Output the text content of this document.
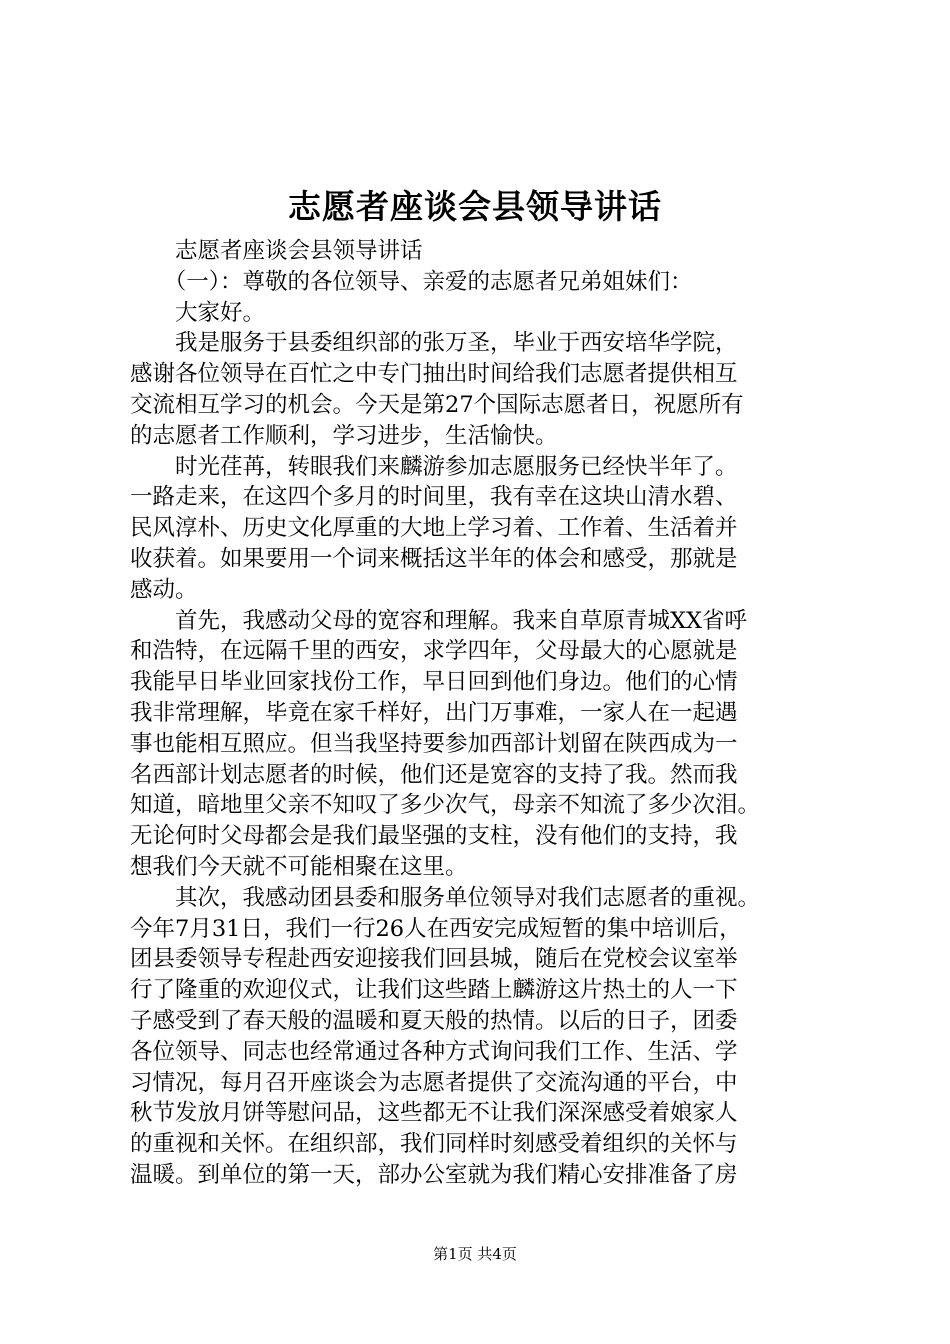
志愿者座谈会县领导讲话
　　志愿者座谈会县领导讲话
　　（一）：尊敬的各位领导、亲爱的志愿者兄弟姐妹们：
　　大家好。
　　我是服务于县委组织部的张万圣，毕业于西安培华学院，
感谢各位领导在百忙之中专门抽出时间给我们志愿者提供相互
交流相互学习的机会。今天是第27个国际志愿者日，祝愿所有
的志愿者工作顺利，学习进步，生活愉快。
　　时光荏苒，转眼我们来麟游参加志愿服务已经快半年了。
一路走来，在这四个多月的时间里，我有幸在这块山清水碧、
民风淳朴、历史文化厚重的大地上学习着、工作着、生活着并
收获着。如果要用一个词来概括这半年的体会和感受，那就是
感动。
　　首先，我感动父母的宽容和理解。我来自草原青城XX省呼
和浩特，在远隔千里的西安，求学四年，父母最大的心愿就是
我能早日毕业回家找份工作，早日回到他们身边。他们的心情
我非常理解，毕竟在家千样好，出门万事难，一家人在一起遇
事也能相互照应。但当我坚持要参加西部计划留在陕西成为一
名西部计划志愿者的时候，他们还是宽容的支持了我。然而我
知道，暗地里父亲不知叹了多少次气，母亲不知流了多少次泪。
无论何时父母都会是我们最坚强的支柱，没有他们的支持，我
想我们今天就不可能相聚在这里。
　　其次，我感动团县委和服务单位领导对我们志愿者的重视。
今年7月31日，我们一行26人在西安完成短暂的集中培训后，
团县委领导专程赴西安迎接我们回县城，随后在党校会议室举
行了隆重的欢迎仪式，让我们这些踏上麟游这片热土的人一下
子感受到了春天般的温暖和夏天般的热情。以后的日子，团委
各位领导、同志也经常通过各种方式询问我们工作、生活、学
习情况，每月召开座谈会为志愿者提供了交流沟通的平台，中
秋节发放月饼等慰问品，这些都无不让我们深深感受着娘家人
的重视和关怀。在组织部，我们同样时刻感受着组织的关怀与
温暖。到单位的第一天，部办公室就为我们精心安排准备了房
第1页 共4页
